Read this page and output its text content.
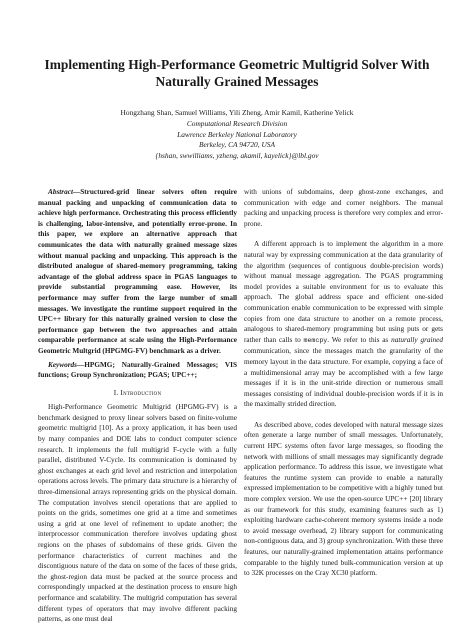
Implementing High-Performance Geometric Multigrid Solver With Naturally Grained Messages
Hongzhang Shan, Samuel Williams, Yili Zheng, Amir Kamil, Katherine Yelick
Computational Research Division
Lawrence Berkeley National Laboratory
Berkeley, CA 94720, USA
{hshan, swwilliams, yzheng, akamil, kayelick}@lbl.gov

Abstract—Structured-grid linear solvers often require manual packing and unpacking of communication data to achieve high performance. Orchestrating this process efficiently is challenging, labor-intensive, and potentially error-prone. In this paper, we explore an alternative approach that communicates the data with naturally grained message sizes without manual packing and unpacking. This approach is the distributed analogue of shared-memory programming, taking advantage of the global address space in PGAS languages to provide substantial programming ease. However, its performance may suffer from the large number of small messages. We investigate the runtime support required in the UPC++ library for this naturally grained version to close the performance gap between the two approaches and attain comparable performance at scale using the High-Performance Geometric Multgrid (HPGMG-FV) benchmark as a driver.

Keywords—HPGMG; Naturally-Grained Messages; VIS functions; Group Synchronization; PGAS; UPC++;

I. Introduction

High-Performance Geometric Multigrid (HPGMG-FV) is a benchmark designed to proxy linear solvers based on finite-volume geometric multigrid [10]. As a proxy application, it has been used by many companies and DOE labs to conduct computer science research. It implements the full multigrid F-cycle with a fully parallel, distributed V-Cycle. Its communication is dominated by ghost exchanges at each grid level and restriction and interpolation operations across levels. The primary data structure is a hierarchy of three-dimensional arrays representing grids on the physical domain. The computation involves stencil operations that are applied to points on the grids, sometimes one grid at a time and sometimes using a grid at one level of refinement to update another; the interprocessor communication therefore involves updating ghost regions on the phases of subdomains of these grids. Given the performance characteristics of current machines and the discontiguous nature of the data on some of the faces of these grids, the ghost-region data must be packed at the source process and correspondingly unpacked at the destination process to ensure high performance and scalability. The multigrid computation has several different types of operators that may involve different packing patterns, as one must deal

with unions of subdomains, deep ghost-zone exchanges, and communication with edge and corner neighbors. The manual packing and unpacking process is therefore very complex and error-prone.

A different approach is to implement the algorithm in a more natural way by expressing communication at the data granularity of the algorithm (sequences of contiguous double-precision words) without manual message aggregation. The PGAS programming model provides a suitable environment for us to evaluate this approach. The global address space and efficient one-sided communication enable communication to be expressed with simple copies from one data structure to another on a remote process, analogous to shared-memory programming but using puts or gets rather than calls to memcpy. We refer to this as naturally grained communication, since the messages match the granularity of the memory layout in the data structure. For example, copying a face of a multidimensional array may be accomplished with a few large messages if it is in the unit-stride direction or numerous small messages consisting of individual double-precision words if it is in the maximally strided direction.

As described above, codes developed with natural message sizes often generate a large number of small messages. Unfortunately, current HPC systems often favor large messages, so flooding the network with millions of small messages may significantly degrade application performance. To address this issue, we investigate what features the runtime system can provide to enable a naturally expressed implementation to be competitive with a highly tuned but more complex version. We use the open-source UPC++ [20] library as our framework for this study, examining features such as 1) exploiting hardware cache-coherent memory systems inside a node to avoid message overhead, 2) library support for communicating non-contiguous data, and 3) group synchronization. With these three features, our naturally-grained implementation attains performance comparable to the highly tuned bulk-communication version at up to 32K processes on the Cray XC30 platform.
